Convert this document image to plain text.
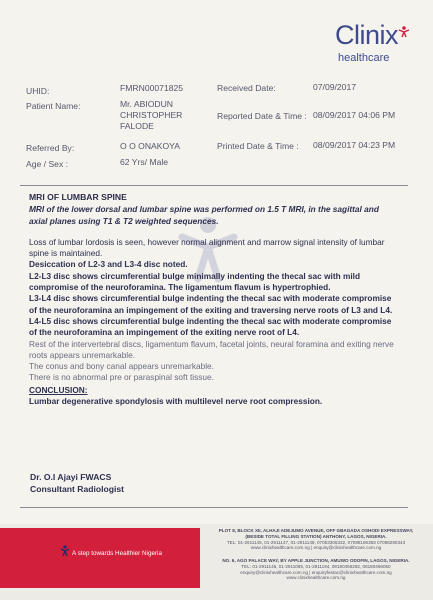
Clinix
healthcare
UHID:	FMRN00071825
Patient Name:	Mr. ABIODUN
CHRISTOPHER
FALODE
Referred By:	O O ONAKOYA
Age / Sex :	62 Yrs/ Male
Received Date:	07/09/2017
Reported Date & Time : 08/09/2017 04:06 PM
Printed Date & Time : 08/09/2017 04:23 PM
MRI OF LUMBAR SPINE
MRI of the lower dorsal and lumbar spine was performed on 1.5 T MRI, in the sagittal and axial planes using T1 & T2 weighted sequences.
Loss of lumbar lordosis is seen, however normal alignment and marrow signal intensity of lumbar spine is maintained.
Desiccation of L2-3 and L3-4 disc noted.
L2-L3 disc shows circumferential bulge minimally indenting the thecal sac with mild compromise of the neuroforamina. The ligamentum flavum is hypertrophied.
L3-L4 disc shows circumferential bulge indenting the thecal sac with moderate compromise of the neuroforamina an impingement of the exiting and traversing nerve roots of L3 and L4.
L4-L5 disc shows circumferential bulge indenting the thecal sac with moderate compromise of the neuroforamina an impingement of the exiting nerve root of L4.
Rest of the intervertebral discs, ligamentum flavum, facetal joints, neural foramina and exiting nerve roots appears unremarkable.
The conus and bony canal appears unremarkable.
There is no abnormal pre or paraspinal soft tissue.
CONCLUSION:
Lumbar degenerative spondylosis with multilevel nerve root compression.
Dr. O.I Ajayi FWACS
Consultant Radiologist
A step towards Healthier Nigeria
PLOT 8, BLOCK XII, ALHAJI ADEJUMO AVENUE, OFF GBAGADA OSHODI EXPRESSWAY,
(BESIDE TOTAL FILLING STATION) ANTHONY, LAGOS, NIGERIA.
TEL: 01-2911145, 01-2911147, 01-2911149, 07053306332, 07088186358 07088290343
www.clinixhealthcare.com.ng | enquiry@clinixhealthcare.com.ng
NO. 6, AGO PALACE WAY, BY APPLE JUNCTION, AMUWO ODOFIN, LAGOS, NIGERIA.
TEL: 01-2911145, 01-2911095, 01-2911194, 08180466292, 08180466050
enquiry@clinixhealthcare.com.ng | enquiryfestac@clinixhealthcare.com.ng
www.clinixhealthcare.com.ng
